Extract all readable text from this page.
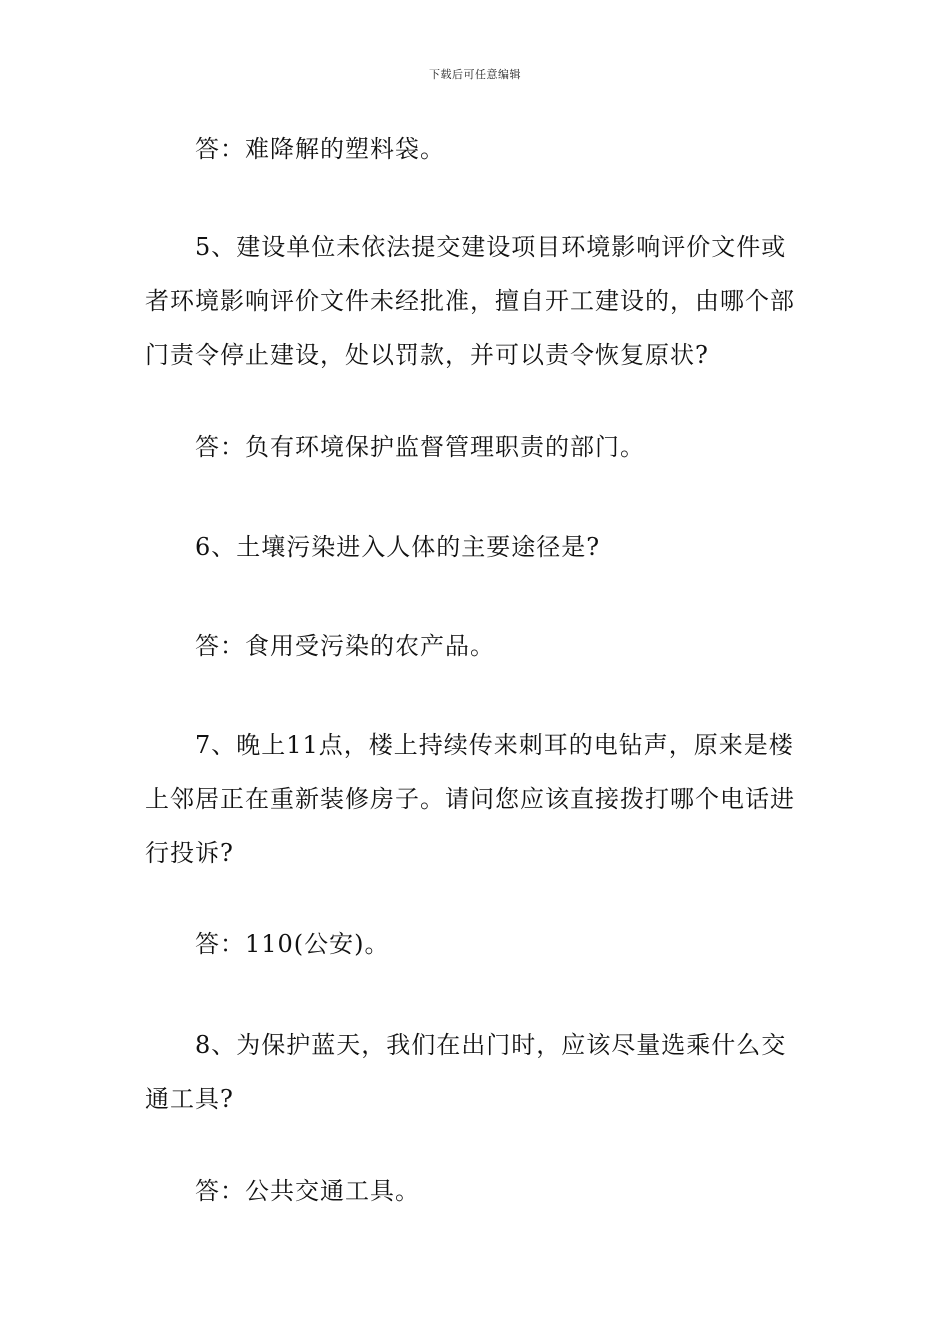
下载后可任意编辑

答：难降解的塑料袋。

5、建设单位未依法提交建设项目环境影响评价文件或者环境影响评价文件未经批准，擅自开工建设的，由哪个部门责令停止建设，处以罚款，并可以责令恢复原状?

答：负有环境保护监督管理职责的部门。

6、土壤污染进入人体的主要途径是?

答：食用受污染的农产品。

7、晚上11点，楼上持续传来刺耳的电钻声，原来是楼上邻居正在重新装修房子。请问您应该直接拨打哪个电话进行投诉?

答：110(公安)。

8、为保护蓝天，我们在出门时，应该尽量选乘什么交通工具?

答：公共交通工具。
